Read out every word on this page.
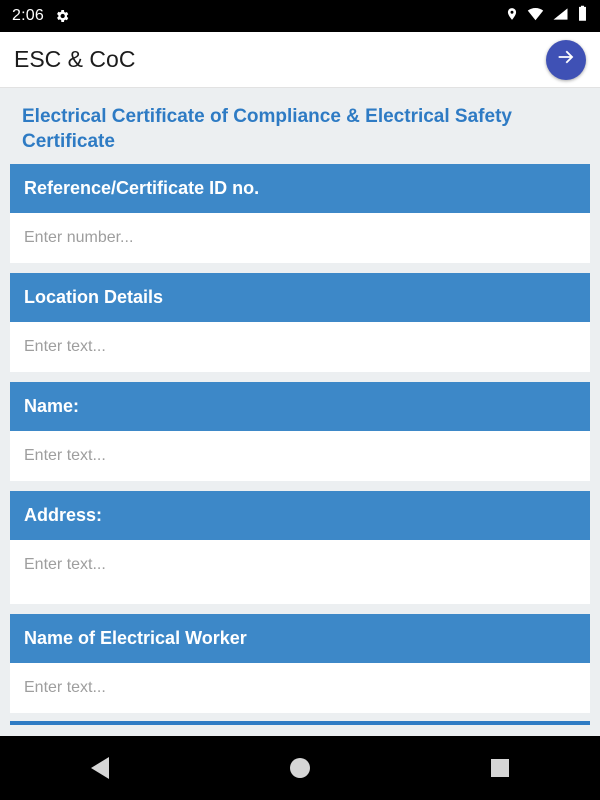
2:06
ESC & CoC
Electrical Certificate of Compliance & Electrical Safety Certificate
Reference/Certificate ID no.
Enter number...
Location Details
Enter text...
Name:
Enter text...
Address:
Enter text...
Name of Electrical Worker
Enter text...
